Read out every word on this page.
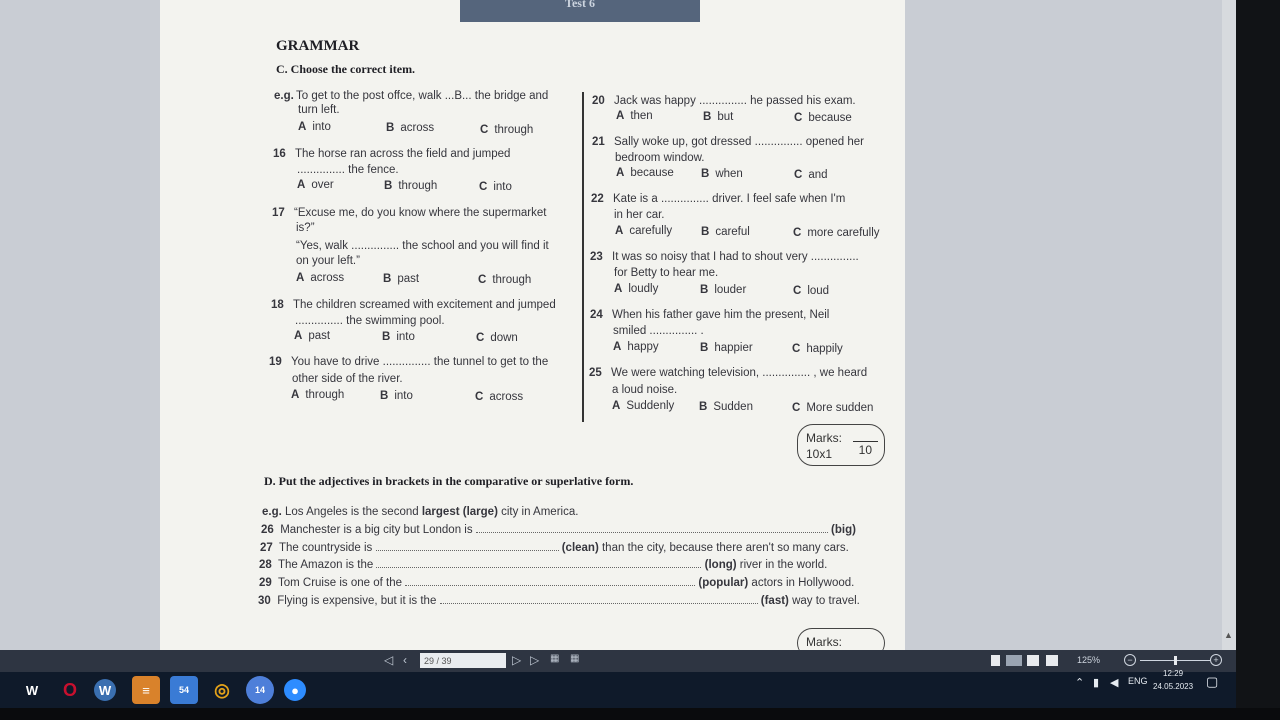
Test 6
GRAMMAR
C. Choose the correct item.
e.g. To get to the post offce, walk ...B... the bridge and
turn left.
A into	B across	C through
16 The horse ran across the field and jumped
............... the fence.
A over	B through	C into
17 “Excuse me, do you know where the supermarket
is?”
“Yes, walk ............... the school and you will find it
on your left.”
A across	B past	C through
18 The children screamed with excitement and jumped
............... the swimming pool.
A past	B into	C down
19 You have to drive ............... the tunnel to get to the
other side of the river.
A through	B into	C across
20 Jack was happy ............... he passed his exam.
A then	B but	C because
21 Sally woke up, got dressed ............... opened her
bedroom window.
A because B when	C and
22 Kate is a ............... driver. I feel safe when I'm
in her car.
A carefully	B careful	C more carefully
23 It was so noisy that I had to shout very ...............
for Betty to hear me.
A loudly	B louder	C loud
24 When his father gave him the present, Neil
smiled ............... .
A happy	B happier	C happily
25 We were watching television, ............... , we heard
a loud noise.
A Suddenly B Sudden	C More sudden
Marks:
10x1	10
D. Put the adjectives in brackets in the comparative or superlative form.
e.g. Los Angeles is the second largest (large) city in America.
26 Manchester is a big city but London is	(big)
27 The countryside is	(clean) than the city, because there aren't so many cars.
28 The Amazon is the	(long) river in the world.
29 Tom Cruise is one of the	(popular) actors in Hollywood.
30 Flying is expensive, but it is the	(fast) way to travel.
Marks:	▲
◁ ‹
29 / 39	▷ ▷ ▦ ▦	125%	−	+
W O W ≡	54 ◎	14 ●	⌃ ▮ ◀ ENG
12:29
24.05.2023 ▢
